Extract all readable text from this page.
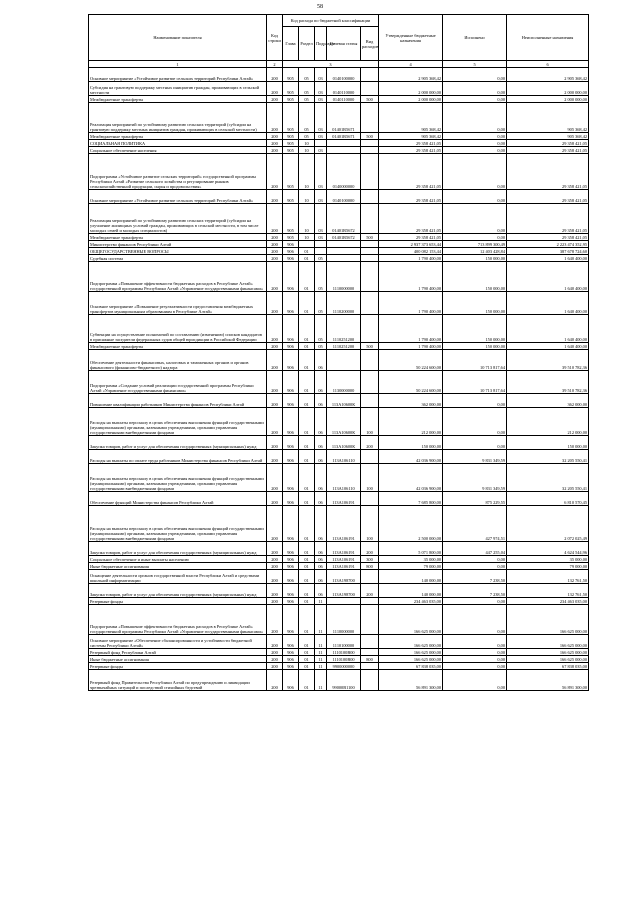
58
Наименование показателя	Код строки	Код расхода по бюджетной классификации					Утвержденные бюджетные назначения	Исполнено	Неисполненные назначения
		Глава	Раздел	Подраздел	Целевая статья	Вид расходов			
1	2	3					4	5	6
Основное мероприятие «Устойчивое развитие сельских территорий Республики Алтай»	200	905	05	03	0140100000		2 905 368,42	0,00	2 905 368,42
Субсидия на грантовую поддержку местных инициатив граждан, проживающих в сельской местности	200	905	05	03	0140110000		2 000 000,00	0,00	2 000 000,00
Межбюджетные трансферты	200	905	05	03	0140110000	500	2 000 000,00	0,00	2 000 000,00
Реализация мероприятий по устойчивому развитию сельских территорий (субсидии на грантовую поддержку местных инициатив граждан, проживающих в сельской местности)	200	905	05	03	01401R5671		905 368,42	0,00	905 368,42
Межбюджетные трансферты	200	905	05	03	01401R5671	500	905 368,42	0,00	905 368,42
СОЦИАЛЬНАЯ ПОЛИТИКА	200	905	10				29 358 421,05	0,00	29 358 421,05
Социальное обеспечение населения	200	905	10	03			29 358 421,05	0,00	29 358 421,05
Подпрограмма «Устойчивое развитие сельских территорий» государственной программы Республики Алтай «Развитие сельского хозяйства и регулирование рынков сельскохозяйственной продукции, сырья и продовольствия»	200	905	10	03	0140000000		29 358 421,05	0,00	29 358 421,05
Основное мероприятие «Устойчивое развитие сельских территорий Республики Алтай»	200	905	10	03	0140100000		29 358 421,05	0,00	29 358 421,05
Реализация мероприятий по устойчивому развитию сельских территорий (субсидии на улучшение жилищных условий граждан, проживающих в сельской местности, в том числе молодых семей и молодых специалистов)	200	905	10	03	01401R5672		29 358 421,05	0,00	29 358 421,05
Межбюджетные трансферты	200	905	10	03	01401R5672	500	29 358 421,05	0,00	29 358 421,05
Министерство финансов Республики Алтай	200	906					2 937 373 653,44	713 899 300,49	2 223 474 352,95
ОБЩЕГОСУДАРСТВЕННЫЕ ВОПРОСЫ	200	906	01				400 082 153,44	12 403 428,84	387 678 724,60
Судебная система	200	906	01	05			1 790 400,00	150 000,00	1 640 400,00
Подпрограмма «Повышение эффективности бюджетных расходов в Республике Алтай» государственной программы Республики Алтай «Управление государственными финансами»	200	906	01	05	1110000000		1 790 400,00	150 000,00	1 640 400,00
Основное мероприятие «Повышение результативности предоставления межбюджетных трансфертов муниципальным образованиям в Республике Алтай»	200	906	01	05	1110200000		1 790 400,00	150 000,00	1 640 400,00
Субвенции на осуществление полномочий по составлению (изменению) списков кандидатов в присяжные заседатели федеральных судов общей юрисдикции в Российской Федерации	200	906	01	05	1110251200		1 790 400,00	150 000,00	1 640 400,00
Межбюджетные трансферты	200	906	01	05	1110251200	500	1 790 400,00	150 000,00	1 640 400,00
Обеспечение деятельности финансовых, налоговых и таможенных органов и органов финансового (финансово-бюджетного) надзора	200	906	01	06			50 224 600,00	10 713 817,64	39 510 782,36
Подпрограмма «Создание условий реализации государственной программы Республики Алтай «Управление государственными финансами»	200	906	01	06	1130000000		50 224 600,00	10 713 817,64	39 510 782,36
Повышение квалификации работников Министерства финансов Республики Алтай	200	906	01	06	113А10600К		362 000,00	0,00	362 000,00
Расходы на выплаты персоналу в целях обеспечения выполнения функций государственными (муниципальными) органами, казенными учреждениями, органами управления государственными внебюджетными фондами	200	906	01	06	113А10600К	100	212 000,00	0,00	212 000,00
Закупка товаров, работ и услуг для обеспечения государственных (муниципальных) нужд	200	906	01	06	113А10600К	200	150 000,00	0,00	150 000,00
Расходы на выплаты по оплате труда работников Министерства финансов Республики Алтай	200	906	01	06	113А106110		42 036 900,00	9 831 349,59	32 205 550,41
Расходы на выплаты персоналу в целях обеспечения выполнения функций государственными (муниципальными) органами, казенными учреждениями, органами управления государственными внебюджетными фондами	200	906	01	06	113А106110	100	42 036 900,00	9 831 349,59	32 205 550,41
Обеспечение функций Министерства финансов Республики Алтай	200	906	01	06	113А106191		7 685 800,00	875 229,55	6 810 570,45
Расходы на выплаты персоналу в целях обеспечения выполнения функций государственными (муниципальными) органами, казенными учреждениями, органами управления государственными внебюджетными фондами	200	906	01	06	113А106191	100	2 500 000,00	427 974,51	2 072 025,49
Закупка товаров, работ и услуг для обеспечения государственных (муниципальных) нужд	200	906	01	06	113А106191	200	5 071 800,00	447 255,04	4 624 544,96
Социальное обеспечение и иные выплаты населению	200	906	01	06	113А106191	300	35 000,00	0,00	35 000,00
Иные бюджетные ассигнования	200	906	01	06	113А106191	800	79 000,00	0,00	79 000,00
Оснащение деятельности органов государственной власти Республики Алтай и средствами школьной информатизации	200	906	01	06	113А198700		140 000,00	7 238,50	132 761,50
Закупка товаров, работ и услуг для обеспечения государственных (муниципальных) нужд	200	906	01	06	113А198700	200	140 000,00	7 238,50	132 761,50
Резервные фонды	200	906	01	11			234 463 035,00	0,00	234 463 035,00
Подпрограмма «Повышение эффективности бюджетных расходов в Республике Алтай» государственной программы Республики Алтай «Управление государственными финансами»	200	906	01	11	1110000000		166 625 000,00	0,00	166 625 000,00
Основное мероприятие «Обеспечение сбалансированности и устойчивости бюджетной системы Республики Алтай»	200	906	01	11	1110100000		166 625 000,00	0,00	166 625 000,00
Резервный фонд Республики Алтай	200	906	01	11	1110100В00		166 625 000,00	0,00	166 625 000,00
Иные бюджетные ассигнования	200	906	01	11	1110100В00	800	166 625 000,00	0,00	166 625 000,00
Резервные фонды	200	906	01	11	9900000000		67 838 035,00	0,00	67 838 035,00
Резервный фонд Правительства Республики Алтай по предупреждению и ликвидации чрезвычайных ситуаций и последствий стихийных бедствий	200	906	01	11	99000В1100		56 891 300,00	0,00	56 891 300,00
